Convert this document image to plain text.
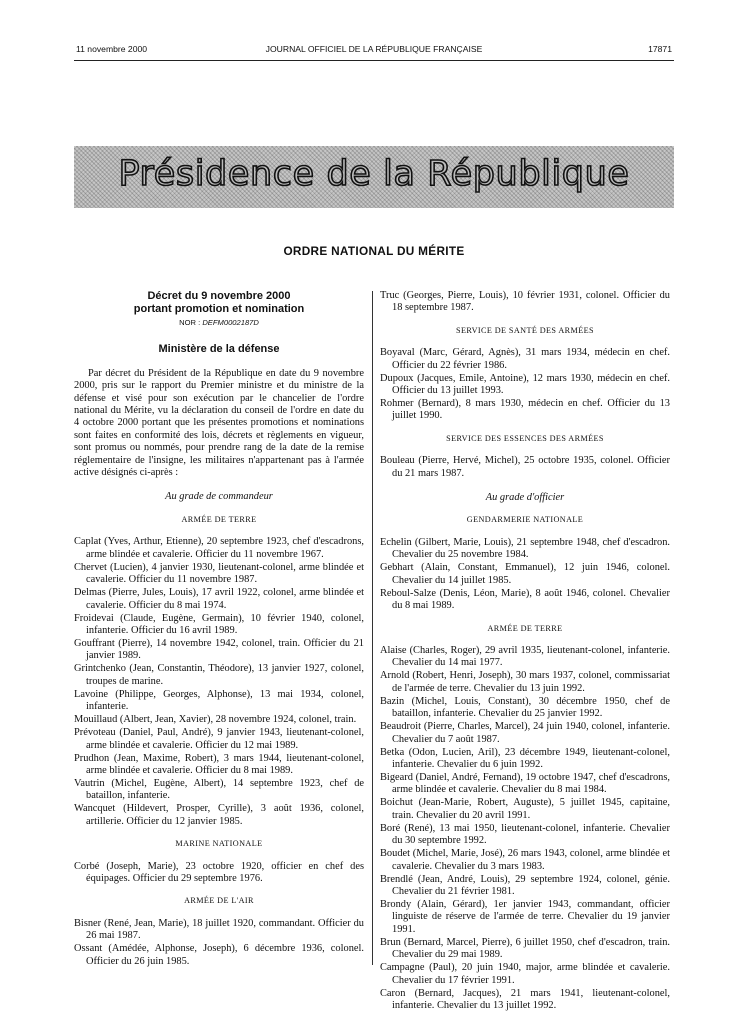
11 novembre 2000	JOURNAL OFFICIEL DE LA RÉPUBLIQUE FRANÇAISE	17871
Présidence de la République
ORDRE NATIONAL DU MÉRITE

Décret du 9 novembre 2000
portant promotion et nomination

NOR : DEFM0002187D

Ministère de la défense

Par décret du Président de la République en date du 9 novembre 2000, pris sur le rapport du Premier ministre et du ministre de la défense et visé pour son exécution par le chancelier de l'ordre national du Mérite, vu la déclaration du conseil de l'ordre en date du 4 octobre 2000 portant que les présentes promotions et nominations sont faites en conformité des lois, décrets et règlements en vigueur, sont promus ou nommés, pour prendre rang de la date de la remise réglementaire de l'insigne, les militaires n'appartenant pas à l'armée active désignés ci-après :

Au grade de commandeur

ARMÉE DE TERRE

Caplat (Yves, Arthur, Etienne), 20 septembre 1923, chef d'escadrons, arme blindée et cavalerie. Officier du 11 novembre 1967.
Chervet (Lucien), 4 janvier 1930, lieutenant-colonel, arme blindée et cavalerie. Officier du 11 novembre 1987.
Delmas (Pierre, Jules, Louis), 17 avril 1922, colonel, arme blindée et cavalerie. Officier du 8 mai 1974.
Froidevai (Claude, Eugène, Germain), 10 février 1940, colonel, infanterie. Officier du 16 avril 1989.
Gouffrant (Pierre), 14 novembre 1942, colonel, train. Officier du 21 janvier 1989.
Grintchenko (Jean, Constantin, Théodore), 13 janvier 1927, colonel, troupes de marine.
Lavoine (Philippe, Georges, Alphonse), 13 mai 1934, colonel, infanterie.
Mouillaud (Albert, Jean, Xavier), 28 novembre 1924, colonel, train.
Prévoteau (Daniel, Paul, André), 9 janvier 1943, lieutenant-colonel, arme blindée et cavalerie. Officier du 12 mai 1989.
Prudhon (Jean, Maxime, Robert), 3 mars 1944, lieutenant-colonel, arme blindée et cavalerie. Officier du 8 mai 1989.
Vautrin (Michel, Eugène, Albert), 14 septembre 1923, chef de bataillon, infanterie.
Wancquet (Hildevert, Prosper, Cyrille), 3 août 1936, colonel, artillerie. Officier du 12 janvier 1985.

MARINE NATIONALE

Corbé (Joseph, Marie), 23 octobre 1920, officier en chef des équipages. Officier du 29 septembre 1976.

ARMÉE DE L'AIR

Bisner (René, Jean, Marie), 18 juillet 1920, commandant. Officier du 26 mai 1987.
Ossant (Amédée, Alphonse, Joseph), 6 décembre 1936, colonel. Officier du 26 juin 1985.
Truc (Georges, Pierre, Louis), 10 février 1931, colonel. Officier du 18 septembre 1987.

SERVICE DE SANTÉ DES ARMÉES

Boyaval (Marc, Gérard, Agnès), 31 mars 1934, médecin en chef. Officier du 22 février 1986.
Dupoux (Jacques, Emile, Antoine), 12 mars 1930, médecin en chef. Officier du 13 juillet 1993.
Rohmer (Bernard), 8 mars 1930, médecin en chef. Officier du 13 juillet 1990.

SERVICE DES ESSENCES DES ARMÉES

Bouleau (Pierre, Hervé, Michel), 25 octobre 1935, colonel. Officier du 21 mars 1987.

Au grade d'officier

GENDARMERIE NATIONALE

Echelin (Gilbert, Marie, Louis), 21 septembre 1948, chef d'escadron. Chevalier du 25 novembre 1984.
Gebhart (Alain, Constant, Emmanuel), 12 juin 1946, colonel. Chevalier du 14 juillet 1985.
Reboul-Salze (Denis, Léon, Marie), 8 août 1946, colonel. Chevalier du 8 mai 1989.

ARMÉE DE TERRE

Alaise (Charles, Roger), 29 avril 1935, lieutenant-colonel, infanterie. Chevalier du 14 mai 1977.
Arnold (Robert, Henri, Joseph), 30 mars 1937, colonel, commissariat de l'armée de terre. Chevalier du 13 juin 1992.
Bazin (Michel, Louis, Constant), 30 décembre 1950, chef de bataillon, infanterie. Chevalier du 25 janvier 1992.
Beaudroit (Pierre, Charles, Marcel), 24 juin 1940, colonel, infanterie. Chevalier du 7 août 1987.
Betka (Odon, Lucien, Aril), 23 décembre 1949, lieutenant-colonel, infanterie. Chevalier du 6 juin 1992.
Bigeard (Daniel, André, Fernand), 19 octobre 1947, chef d'escadrons, arme blindée et cavalerie. Chevalier du 8 mai 1984.
Boichut (Jean-Marie, Robert, Auguste), 5 juillet 1945, capitaine, train. Chevalier du 20 avril 1991.
Boré (René), 13 mai 1950, lieutenant-colonel, infanterie. Chevalier du 30 septembre 1992.
Boudet (Michel, Marie, José), 26 mars 1943, colonel, arme blindée et cavalerie. Chevalier du 3 mars 1983.
Brendlé (Jean, André, Louis), 29 septembre 1924, colonel, génie. Chevalier du 21 février 1981.
Brondy (Alain, Gérard), 1er janvier 1943, commandant, officier linguiste de réserve de l'armée de terre. Chevalier du 19 janvier 1991.
Brun (Bernard, Marcel, Pierre), 6 juillet 1950, chef d'escadron, train. Chevalier du 29 mai 1989.
Campagne (Paul), 20 juin 1940, major, arme blindée et cavalerie. Chevalier du 17 février 1991.
Caron (Bernard, Jacques), 21 mars 1941, lieutenant-colonel, infanterie. Chevalier du 13 juillet 1992.
